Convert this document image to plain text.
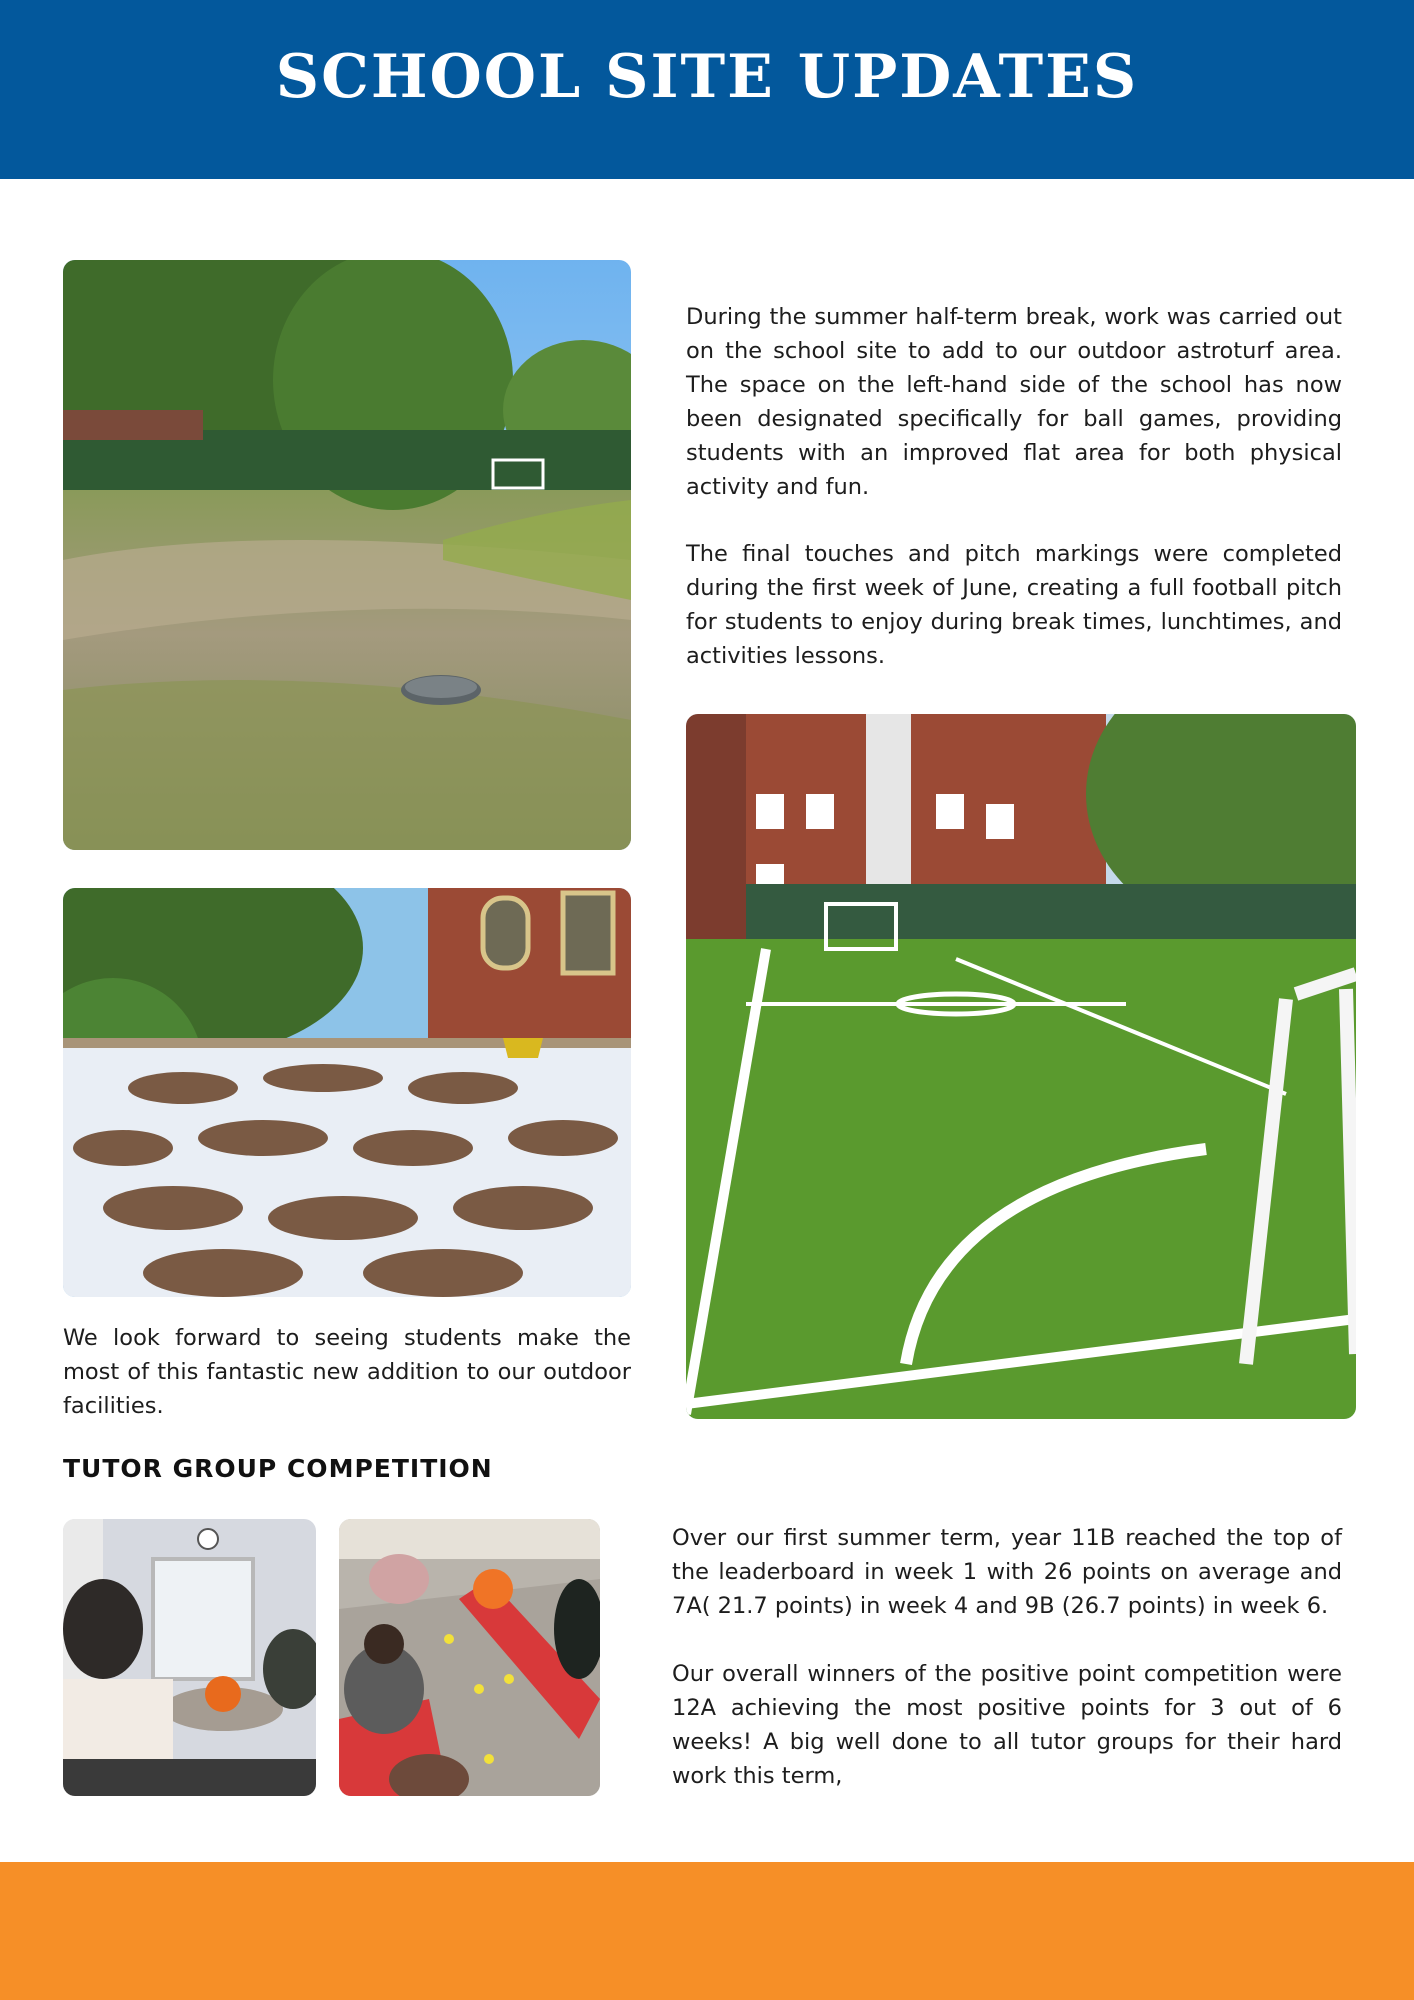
SCHOOL SITE UPDATES

We look forward to seeing students make the most of this fantastic new addition to our outdoor facilities.

During the summer half-term break, work was carried out on the school site to add to our outdoor astroturf area. The space on the left-hand side of the school has now been designated specifically for ball games, providing students with an improved flat area for both physical activity and fun.

The final touches and pitch markings were completed during the first week of June, creating a full football pitch for students to enjoy during break times, lunchtimes, and activities lessons.

TUTOR GROUP COMPETITION

Over our first summer term, year 11B reached the top of the leaderboard in week 1 with 26 points on average and 7A( 21.7 points) in week 4 and 9B (26.7 points) in week 6.

Our overall winners of the positive point competition were 12A achieving the most positive points for 3 out of 6 weeks! A big well done to all tutor groups for their hard work this term,
